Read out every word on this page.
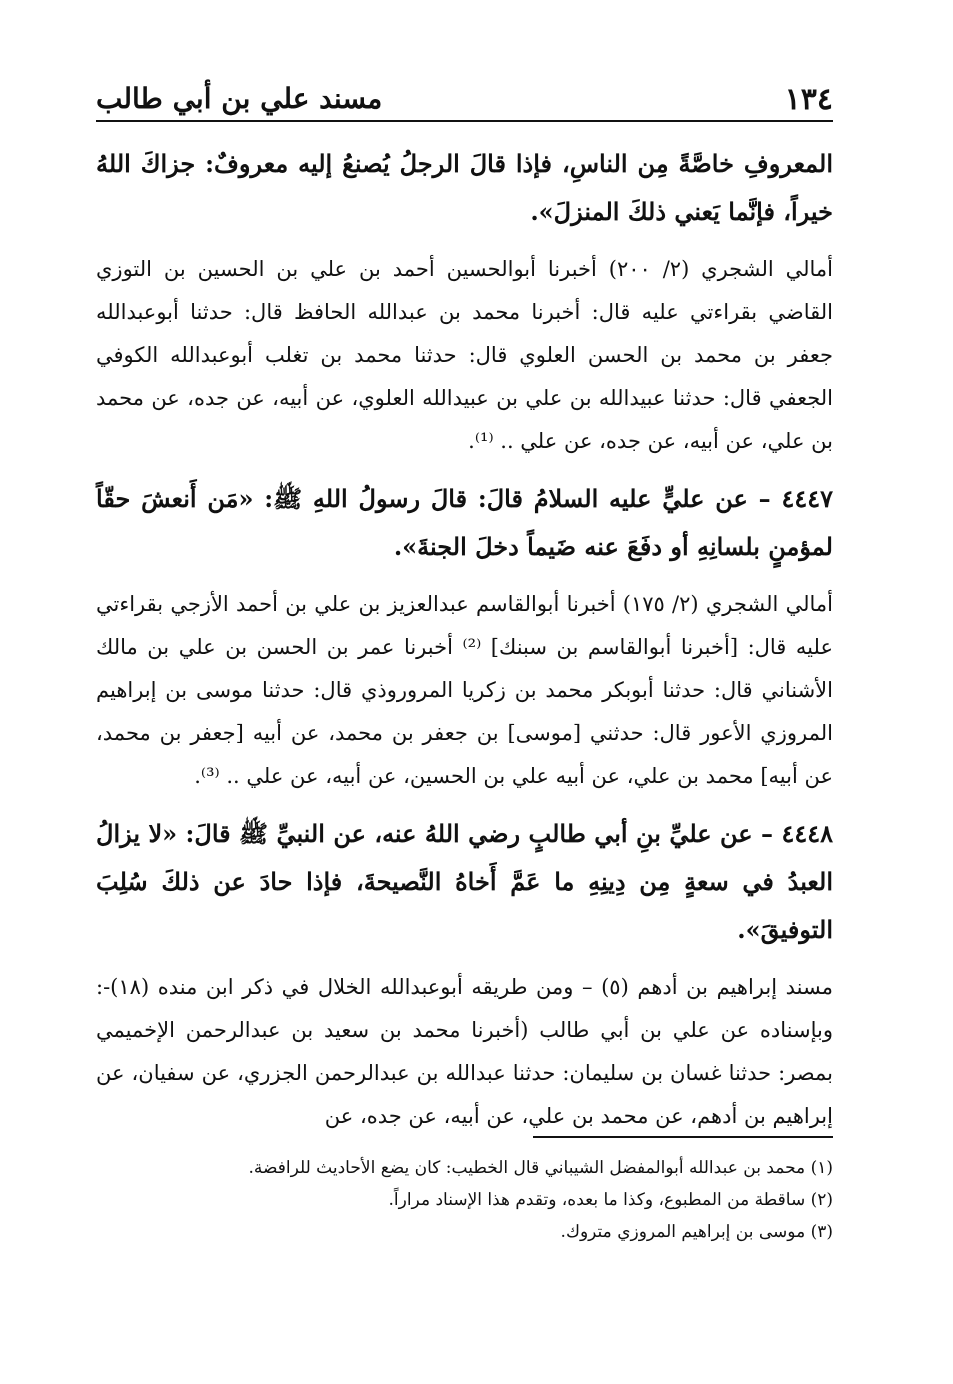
١٣٤
مسند علي بن أبي طالب

المعروفِ خاصَّةً مِن الناسِ، فإذا قالَ الرجلُ يُصنعُ إليه معروفٌ: جزاكَ اللهُ خيراً، فإنَّما يَعني ذلكَ المنزلَ».

أمالي الشجري (٢/ ٢٠٠) أخبرنا أبوالحسين أحمد بن علي بن الحسين بن التوزي القاضي بقراءتي عليه قال: أخبرنا محمد بن عبدالله الحافظ قال: حدثنا أبوعبدالله جعفر بن محمد بن الحسن العلوي قال: حدثنا محمد بن تغلب أبوعبدالله الكوفي الجعفي قال: حدثنا عبيدالله بن علي بن عبيدالله العلوي، عن أبيه، عن جده، عن محمد بن علي، عن أبيه، عن جده، عن علي .. ⁽¹⁾.

٤٤٤٧ – عن عليٍّ عليه السلامُ قالَ: قالَ رسولُ اللهِ ﷺ: «مَن أَنعشَ حقّاً لمؤمنٍ بلسانِهِ أو دفَعَ عنه ضَيماً دخلَ الجنةَ».

أمالي الشجري (٢/ ١٧٥) أخبرنا أبوالقاسم عبدالعزيز بن علي بن أحمد الأزجي بقراءتي عليه قال: [أخبرنا أبوالقاسم بن سبنك] ⁽²⁾ أخبرنا عمر بن الحسن بن علي بن مالك الأشناني قال: حدثنا أبوبكر محمد بن زكريا المروروذي قال: حدثنا موسى بن إبراهيم المروزي الأعور قال: حدثني [موسى] بن جعفر بن محمد، عن أبيه [جعفر بن محمد، عن أبيه] محمد بن علي، عن أبيه علي بن الحسين، عن أبيه، عن علي .. ⁽³⁾.

٤٤٤٨ – عن عليِّ بنِ أبي طالبٍ رضي اللهُ عنه، عن النبيِّ ﷺ قالَ: «لا يزالُ العبدُ في سعةٍ مِن دِينِهِ ما عَمَّ أَخاهُ النَّصيحةَ، فإذا حادَ عن ذلكَ سُلِبَ التوفيقَ».

مسند إبراهيم بن أدهم (٥) – ومن طريقه أبوعبدالله الخلال في ذكر ابن منده (١٨)-: وبإسناده عن علي بن أبي طالب (أخبرنا محمد بن سعيد بن عبدالرحمن الإخميمي بمصر: حدثنا غسان بن سليمان: حدثنا عبدالله بن عبدالرحمن الجزري، عن سفيان، عن إبراهيم بن أدهم، عن محمد بن علي، عن أبيه، عن جده، عن

(١) محمد بن عبدالله أبوالمفضل الشيباني قال الخطيب: كان يضع الأحاديث للرافضة.

(٢) ساقطة من المطبوع، وكذا ما بعده، وتقدم هذا الإسناد مراراً.

(٣) موسى بن إبراهيم المروزي متروك.
